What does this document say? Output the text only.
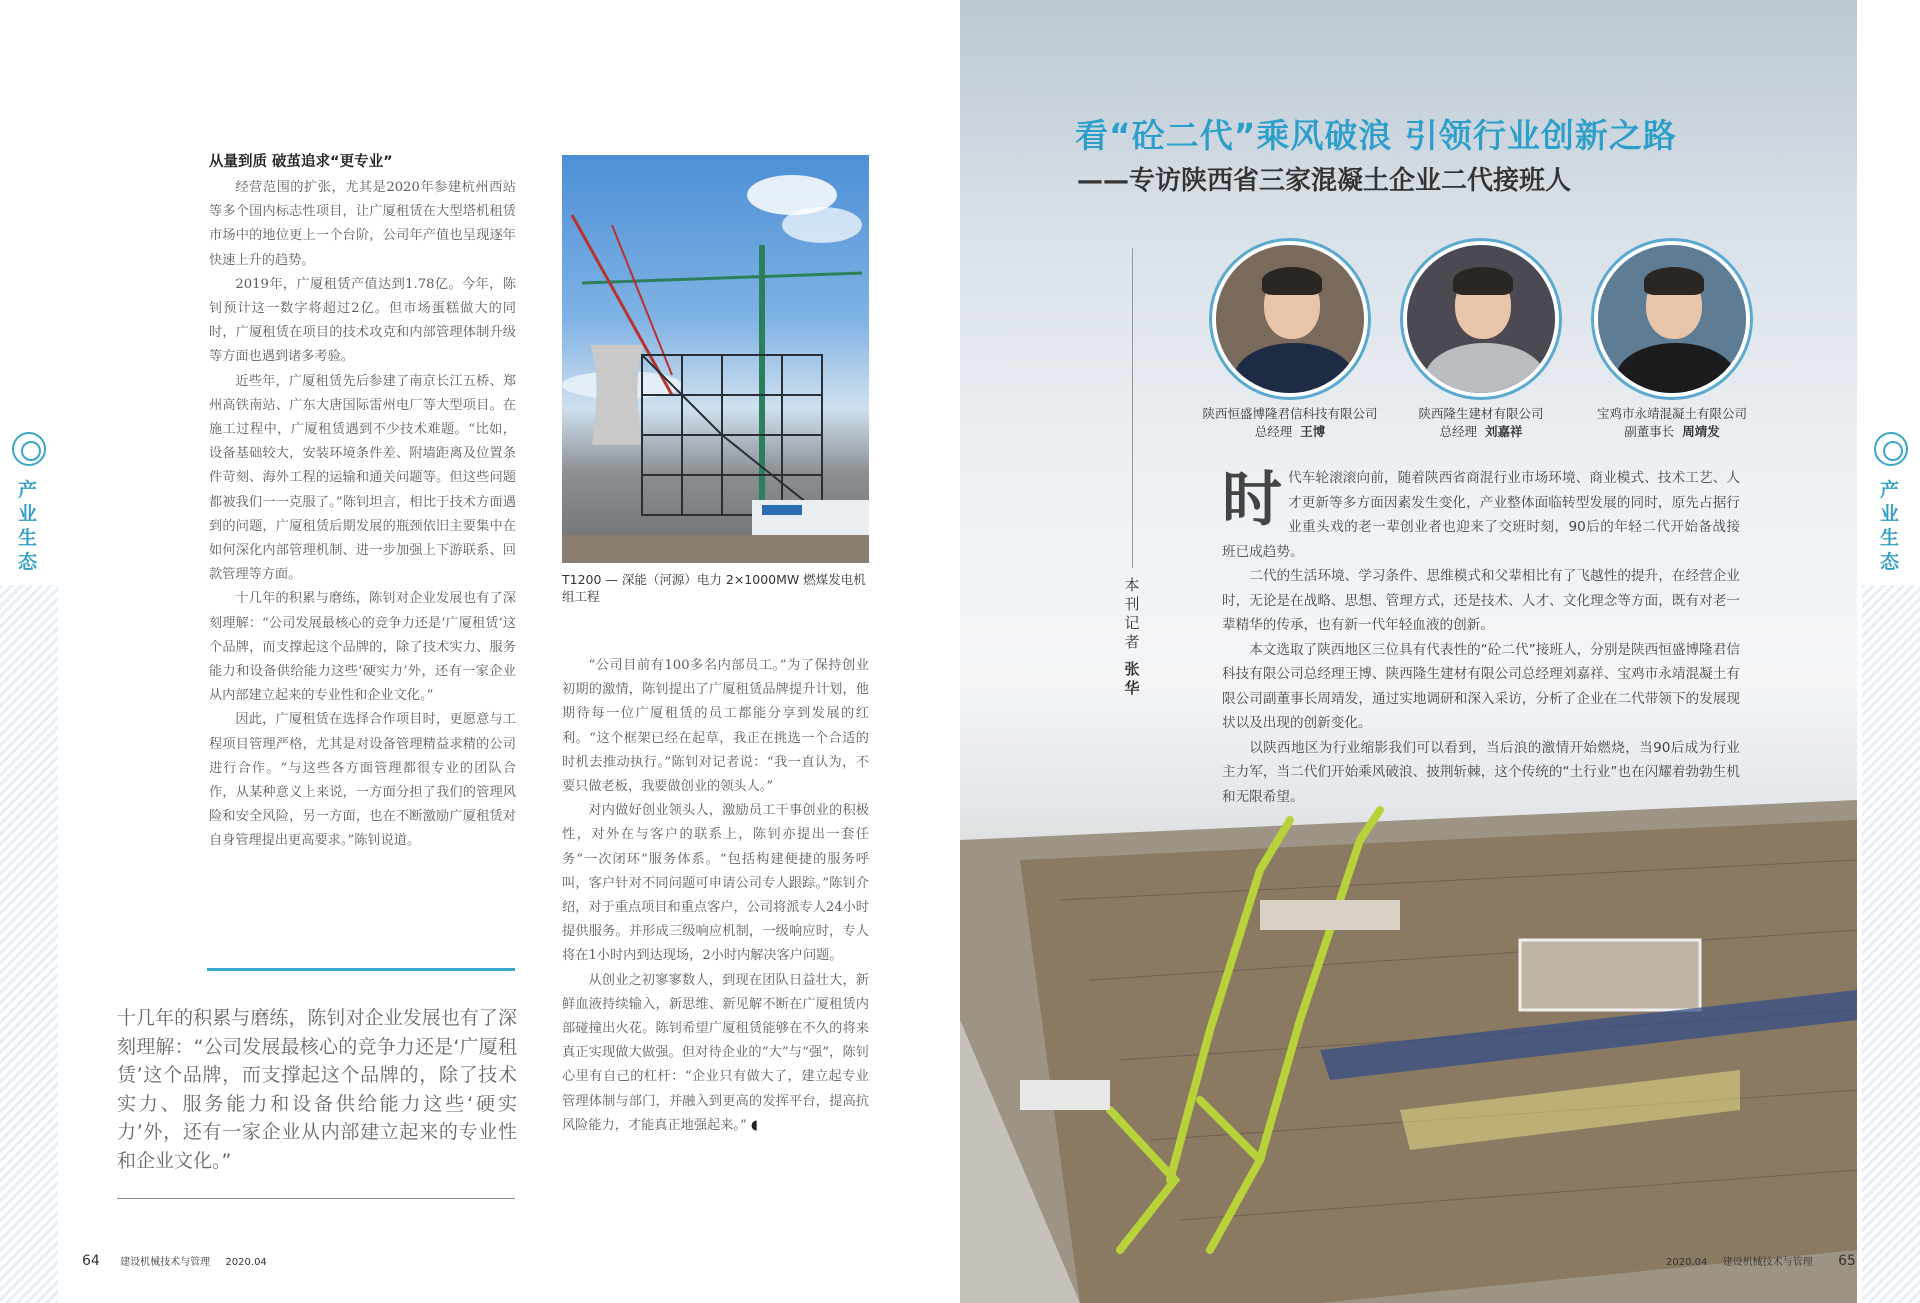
产业生态
从量到质 破茧追求“更专业”

经营范围的扩张，尤其是2020年参建杭州西站等多个国内标志性项目，让广厦租赁在大型塔机租赁市场中的地位更上一个台阶，公司年产值也呈现逐年快速上升的趋势。

2019年，广厦租赁产值达到1.78亿。今年，陈钊预计这一数字将超过2亿。但市场蛋糕做大的同时，广厦租赁在项目的技术攻克和内部管理体制升级等方面也遇到诸多考验。

近些年，广厦租赁先后参建了南京长江五桥、郑州高铁南站、广东大唐国际雷州电厂等大型项目。在施工过程中，广厦租赁遇到不少技术难题。“比如，设备基础较大，安装环境条件差、附墙距离及位置条件苛刻、海外工程的运输和通关问题等。但这些问题都被我们一一克服了。”陈钊坦言，相比于技术方面遇到的问题，广厦租赁后期发展的瓶颈依旧主要集中在如何深化内部管理机制、进一步加强上下游联系、回款管理等方面。

十几年的积累与磨练，陈钊对企业发展也有了深刻理解：“公司发展最核心的竞争力还是‘广厦租赁’这个品牌，而支撑起这个品牌的，除了技术实力、服务能力和设备供给能力这些‘硬实力’外，还有一家企业从内部建立起来的专业性和企业文化。”

因此，广厦租赁在选择合作项目时，更愿意与工程项目管理严格，尤其是对设备管理精益求精的公司进行合作。“与这些各方面管理都很专业的团队合作，从某种意义上来说，一方面分担了我们的管理风险和安全风险，另一方面，也在不断激励广厦租赁对自身管理提出更高要求。”陈钊说道。

T1200 — 深能（河源）电力 2×1000MW 燃煤发电机组工程

“公司目前有100多名内部员工。”为了保持创业初期的激情，陈钊提出了广厦租赁品牌提升计划，他期待每一位广厦租赁的员工都能分享到发展的红利。“这个框架已经在起草，我正在挑选一个合适的时机去推动执行。”陈钊对记者说：“我一直认为，不要只做老板，我要做创业的领头人。”

对内做好创业领头人，激励员工干事创业的积极性，对外在与客户的联系上，陈钊亦提出一套任务“一次闭环”服务体系。“包括构建便捷的服务呼叫，客户针对不同问题可申请公司专人跟踪。”陈钊介绍，对于重点项目和重点客户，公司将派专人24小时提供服务。并形成三级响应机制，一级响应时，专人将在1小时内到达现场，2小时内解决客户问题。

从创业之初寥寥数人，到现在团队日益壮大，新鲜血液持续输入，新思维、新见解不断在广厦租赁内部碰撞出火花。陈钊希望广厦租赁能够在不久的将来真正实现做大做强。但对待企业的“大”与“强”，陈钊心里有自己的杠杆：“企业只有做大了，建立起专业管理体制与部门，并融入到更高的发挥平台，提高抗风险能力，才能真正地强起来。” ◖

十几年的积累与磨练，陈钊对企业发展也有了深刻理解：“公司发展最核心的竞争力还是‘广厦租赁’这个品牌，而支撑起这个品牌的，除了技术实力、服务能力和设备供给能力这些‘硬实力’外，还有一家企业从内部建立起来的专业性和企业文化。”
64 建设机械技术与管理 2020.04
看“砼二代”乘风破浪 引领行业创新之路
——专访陕西省三家混凝土企业二代接班人
本刊记者
张华
陕西恒盛博隆君信科技有限公司
总经理 王博
陕西隆生建材有限公司
总经理 刘嘉祥
宝鸡市永靖混凝土有限公司
副董事长 周靖发

时代车轮滚滚向前，随着陕西省商混行业市场环境、商业模式、技术工艺、人才更新等多方面因素发生变化，产业整体面临转型发展的同时，原先占据行业重头戏的老一辈创业者也迎来了交班时刻，90后的年轻二代开始备战接班已成趋势。

二代的生活环境、学习条件、思维模式和父辈相比有了飞越性的提升，在经营企业时，无论是在战略、思想、管理方式，还是技术、人才、文化理念等方面，既有对老一辈精华的传承，也有新一代年轻血液的创新。

本文选取了陕西地区三位具有代表性的“砼二代”接班人，分别是陕西恒盛博隆君信科技有限公司总经理王博、陕西隆生建材有限公司总经理刘嘉祥、宝鸡市永靖混凝土有限公司副董事长周靖发，通过实地调研和深入采访，分析了企业在二代带领下的发展现状以及出现的创新变化。

以陕西地区为行业缩影我们可以看到，当后浪的激情开始燃烧，当90后成为行业主力军，当二代们开始乘风破浪、披荆斩棘，这个传统的“土行业”也在闪耀着勃勃生机和无限希望。

2020.04 建设机械技术与管理 65
产业生态
